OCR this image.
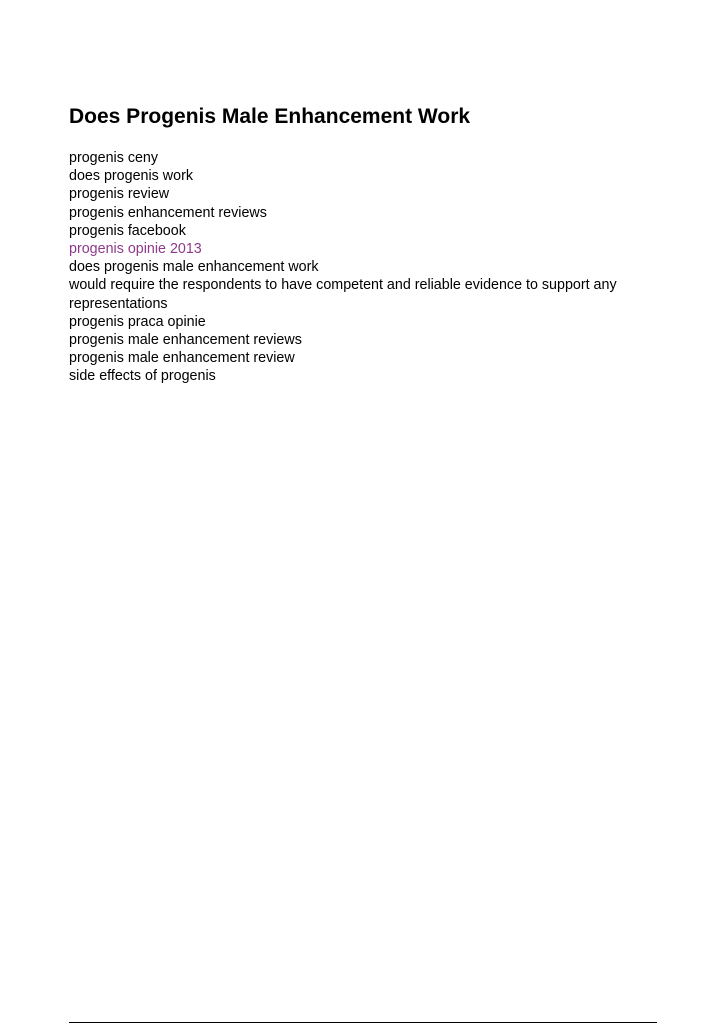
Does Progenis Male Enhancement Work
progenis ceny
does progenis work
progenis review
progenis enhancement reviews
progenis facebook
progenis opinie 2013
does progenis male enhancement work
would require the respondents to have competent and reliable evidence to support any representations
progenis praca opinie
progenis male enhancement reviews
progenis male enhancement review
side effects of progenis
